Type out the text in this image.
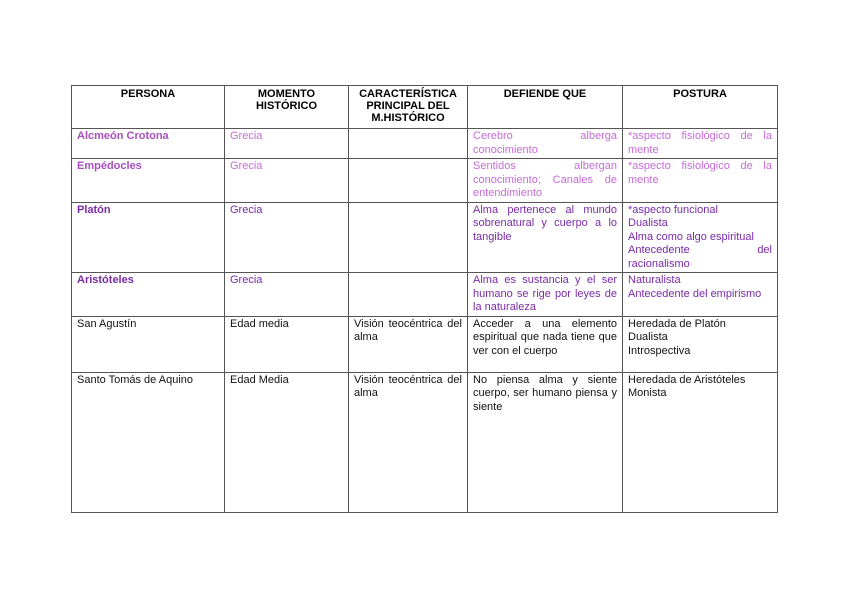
PERSONA	MOMENTO HISTÓRICO	CARACTERÍSTICA PRINCIPAL DEL M.HISTÓRICO	DEFIENDE QUE	POSTURA
Alcmeón Crotona	Grecia		Cerebro alberga conocimiento	*aspecto fisiológico de la mente

Empédocles	Grecia		Sentidos albergan conocimiento; Canales de entendimiento	*aspecto fisiológico de la mente

Platón	Grecia		Alma pertenece al mundo sobrenatural y cuerpo a lo tangible	*aspecto funcional
Dualista
Alma como algo espiritual
Antecedente del racionalismo

Aristóteles	Grecia		Alma es sustancia y el ser humano se rige por leyes de la naturaleza	Naturalista
Antecedente del empirismo

San Agustín	Edad media	Visión teocéntrica del alma	Acceder a una elemento espiritual que nada tiene que ver con el cuerpo	Heredada de Platón
Dualista
Introspectiva

Santo Tomás de Aquino	Edad Media	Visión teocéntrica del alma	No piensa alma y siente cuerpo, ser humano piensa y siente	Heredada de Aristóteles
Monista
